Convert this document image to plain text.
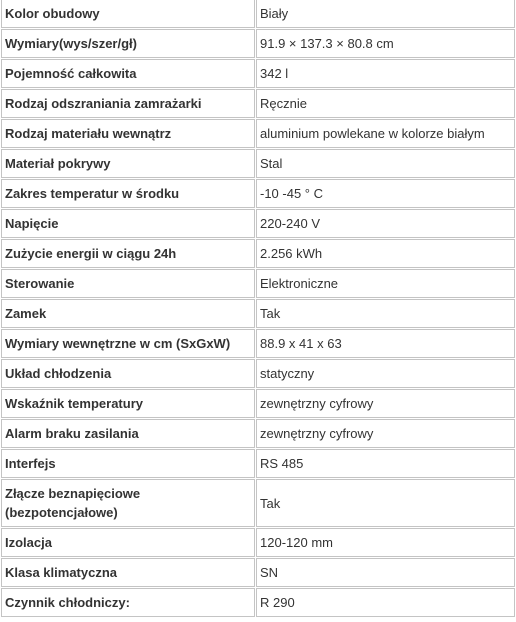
Kolor obudowy	Biały
Wymiary(wys/szer/gł)	91.9 × 137.3 × 80.8 cm
Pojemność całkowita	342 l
Rodzaj odszraniania zamrażarki	Ręcznie
Rodzaj materiału wewnątrz	aluminium powlekane w kolorze białym
Materiał pokrywy	Stal
Zakres temperatur w środku	-10 -45 ° C
Napięcie	220-240 V
Zużycie energii w ciągu 24h	2.256 kWh
Sterowanie	Elektroniczne
Zamek	Tak
Wymiary wewnętrzne w cm (SxGxW)	88.9 x 41 x 63
Układ chłodzenia	statyczny
Wskaźnik temperatury	zewnętrzny cyfrowy
Alarm braku zasilania	zewnętrzny cyfrowy
Interfejs	RS 485
Złącze beznapięciowe (bezpotencjałowe)	Tak
Izolacja	120-120 mm
Klasa klimatyczna	SN
Czynnik chłodniczy:	R 290
